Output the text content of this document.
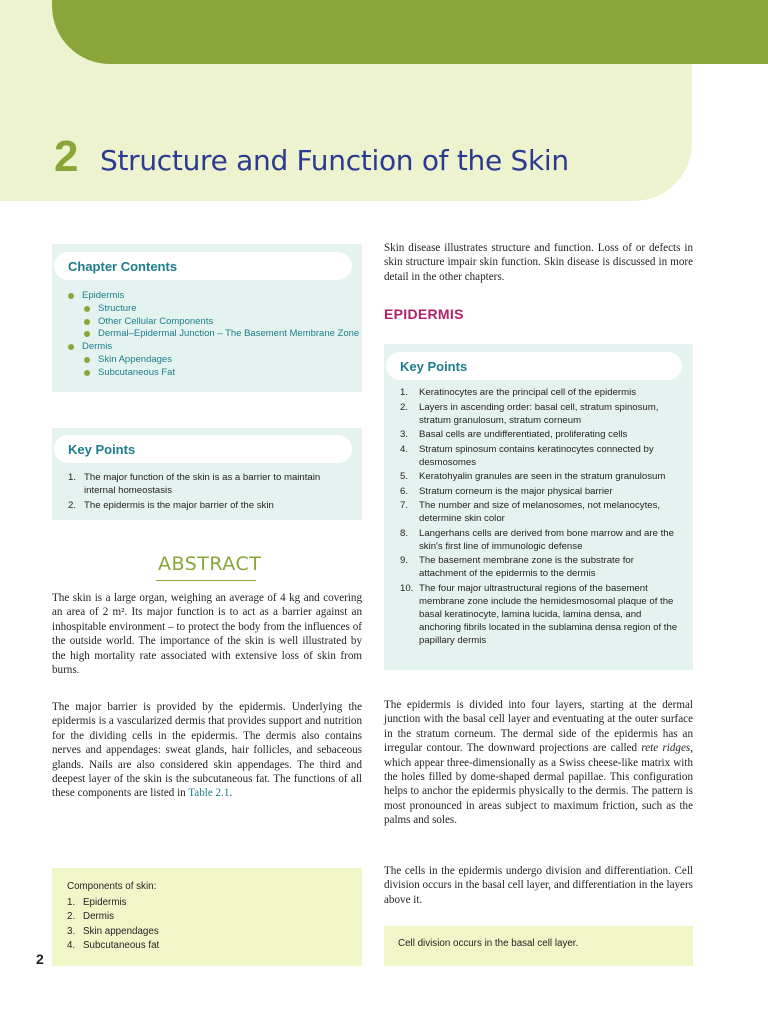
2 Structure and Function of the Skin
Chapter Contents
Epidermis
Structure
Other Cellular Components
Dermal–Epidermal Junction – The Basement Membrane Zone
Dermis
Skin Appendages
Subcutaneous Fat
Key Points
1. The major function of the skin is as a barrier to maintain internal homeostasis
2. The epidermis is the major barrier of the skin
ABSTRACT
The skin is a large organ, weighing an average of 4 kg and covering an area of 2 m². Its major function is to act as a barrier against an inhospitable environment – to protect the body from the influences of the outside world. The importance of the skin is well illustrated by the high mortality rate associated with extensive loss of skin from burns.
The major barrier is provided by the epidermis. Underlying the epidermis is a vascularized dermis that provides support and nutrition for the dividing cells in the epidermis. The dermis also contains nerves and appendages: sweat glands, hair follicles, and sebaceous glands. Nails are also considered skin appendages. The third and deepest layer of the skin is the subcutaneous fat. The functions of all these components are listed in Table 2.1.
Components of skin:
1. Epidermis
2. Dermis
3. Skin appendages
4. Subcutaneous fat
2
Skin disease illustrates structure and function. Loss of or defects in skin structure impair skin function. Skin disease is discussed in more detail in the other chapters.
EPIDERMIS
Key Points
1. Keratinocytes are the principal cell of the epidermis
2. Layers in ascending order: basal cell, stratum spinosum, stratum granulosum, stratum corneum
3. Basal cells are undifferentiated, proliferating cells
4. Stratum spinosum contains keratinocytes connected by desmosomes
5. Keratohyalin granules are seen in the stratum granulosum
6. Stratum corneum is the major physical barrier
7. The number and size of melanosomes, not melanocytes, determine skin color
8. Langerhans cells are derived from bone marrow and are the skin's first line of immunologic defense
9. The basement membrane zone is the substrate for attachment of the epidermis to the dermis
10. The four major ultrastructural regions of the basement membrane zone include the hemidesmosomal plaque of the basal keratinocyte, lamina lucida, lamina densa, and anchoring fibrils located in the sublamina densa region of the papillary dermis
The epidermis is divided into four layers, starting at the dermal junction with the basal cell layer and eventuating at the outer surface in the stratum corneum. The dermal side of the epidermis has an irregular contour. The downward projections are called rete ridges, which appear three-dimensionally as a Swiss cheese-like matrix with the holes filled by dome-shaped dermal papillae. This configuration helps to anchor the epidermis physically to the dermis. The pattern is most pronounced in areas subject to maximum friction, such as the palms and soles.
The cells in the epidermis undergo division and differentiation. Cell division occurs in the basal cell layer, and differentiation in the layers above it.
Cell division occurs in the basal cell layer.
